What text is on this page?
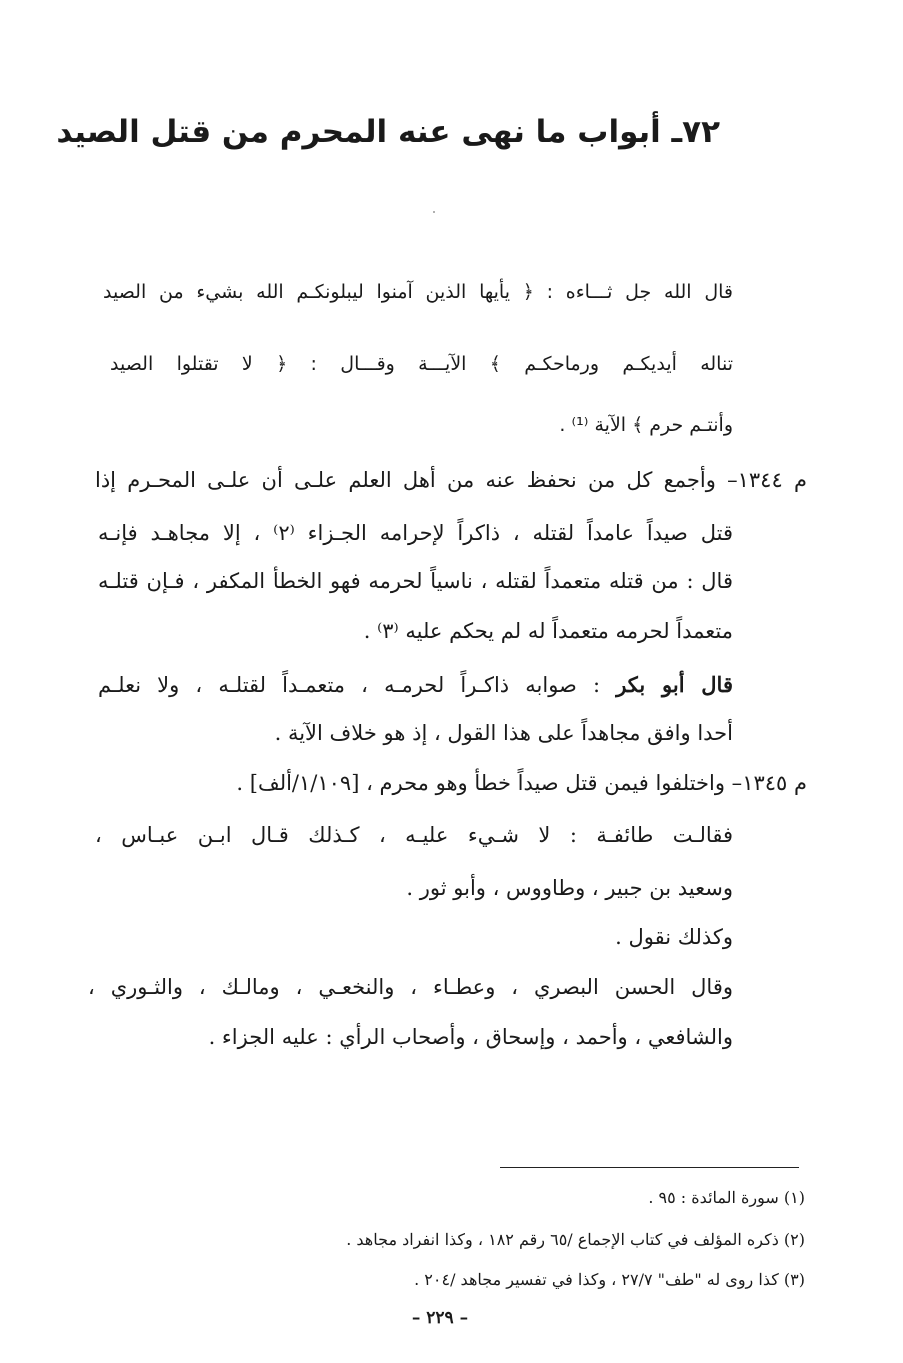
٧٢ـ أبواب ما نهى عنه المحرم من قتل الصيد
قال الله جل ثـــاءه : ﴿ يأيها الذين آمنوا ليبلونكـم الله بشيء من الصيد
تناله أيديكـم ورماحكـم ﴾ الآيـــة وقـــال : ﴿ لا تقتلوا الصيد
وأنتـم حرم ﴾ الآية ⁽¹⁾ .
م ١٣٤٤– وأجمع كل من نحفظ عنه من أهل العلم علـى أن علـى المحـرم إذا
قتل صيداً عامداً لقتله ، ذاكراً لإحرامه الجـزاء ⁽٢⁾ ، إلا مجاهـد فإنـه
قال : من قتله متعمداً لقتله ، ناسياً لحرمه فهو الخطأ المكفر ، فـإن قتلـه
متعمداً لحرمه متعمداً له لم يحكم عليه ⁽٣⁾ .
قال أبو بكر : صوابه ذاكـراً لحرمـه ، متعمـداً لقتلـه ، ولا نعلـم
أحدا وافق مجاهداً على هذا القول ، إذ هو خلاف الآية .
م ١٣٤٥– واختلفوا فيمن قتل صيداً خطأ وهو محرم ، [١/١٠٩/ألف] .
فقالـت طائفـة : لا شـيء عليـه ، كـذلك قـال ابـن عبـاس ،
وسعيد بن جبير ، وطاووس ، وأبو ثور .
وكذلك نقول .
وقال الحسن البصري ، وعطـاء ، والنخعـي ، ومالـك ، والثـوري ،
والشافعي ، وأحمد ، وإسحاق ، وأصحاب الرأي : عليه الجزاء .
(١) سورة المائدة : ٩٥ .
(٢) ذكره المؤلف في كتاب الإجماع /٦٥ رقم ١٨٢ ، وكذا انفراد مجاهد .
(٣) كذا روى له "طف" ٢٧/٧ ، وكذا في تفسير مجاهد /٢٠٤ .
– ٢٢٩ –
